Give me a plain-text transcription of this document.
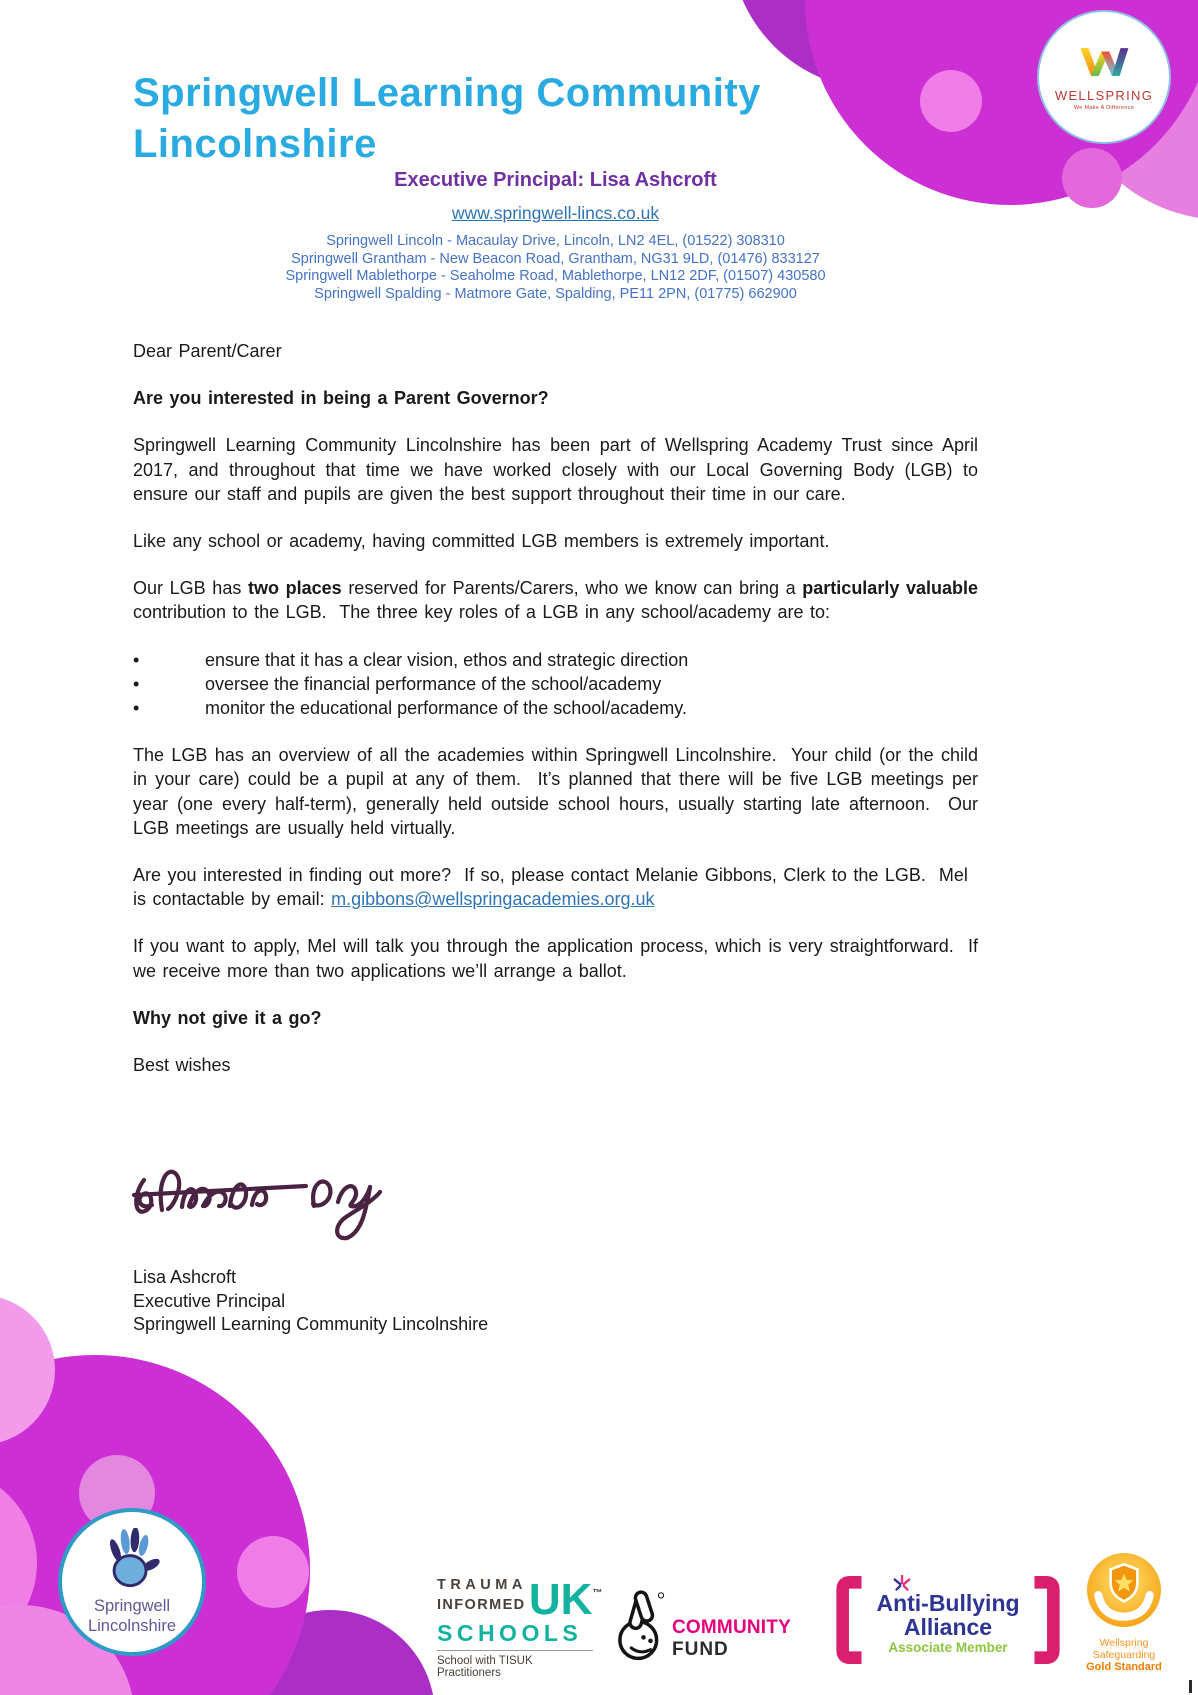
WELLSPRING
We Make A Difference
Springwell Learning Community
Lincolnshire
Executive Principal: Lisa Ashcroft
www.springwell-lincs.co.uk
Springwell Lincoln - Macaulay Drive, Lincoln, LN2 4EL, (01522) 308310
Springwell Grantham - New Beacon Road, Grantham, NG31 9LD, (01476) 833127
Springwell Mablethorpe - Seaholme Road, Mablethorpe, LN12 2DF, (01507) 430580
Springwell Spalding - Matmore Gate, Spalding, PE11 2PN, (01775) 662900

Dear Parent/Carer

Are you interested in being a Parent Governor?

Springwell Learning Community Lincolnshire has been part of Wellspring Academy Trust since April 2017, and throughout that time we have worked closely with our Local Governing Body (LGB) to ensure our staff and pupils are given the best support throughout their time in our care.

Like any school or academy, having committed LGB members is extremely important.

Our LGB has two places reserved for Parents/Carers, who we know can bring a particularly valuable contribution to the LGB.  The three key roles of a LGB in any school/academy are to:

•
ensure that it has a clear vision, ethos and strategic direction
•
oversee the financial performance of the school/academy
•
monitor the educational performance of the school/academy.

The LGB has an overview of all the academies within Springwell Lincolnshire.  Your child (or the child in your care) could be a pupil at any of them.  It’s planned that there will be five LGB meetings per year (one every half-term), generally held outside school hours, usually starting late afternoon.  Our LGB meetings are usually held virtually.

Are you interested in finding out more?  If so, please contact Melanie Gibbons, Clerk to the LGB.  Mel is contactable by email: m.gibbons@wellspringacademies.org.uk

If you want to apply, Mel will talk you through the application process, which is very straightforward.  If we receive more than two applications we’ll arrange a ballot.

Why not give it a go?

Best wishes

Lisa Ashcroft
Executive Principal
Springwell Learning Community Lincolnshire
Springwell
Lincolnshire
TRAUMA
INFORMED UK™
SCHOOLS
School with TISUK Practitioners
COMMUNITY
FUND
Anti-Bullying
Alliance
Associate Member	Wellspring Safeguarding
Gold Standard
